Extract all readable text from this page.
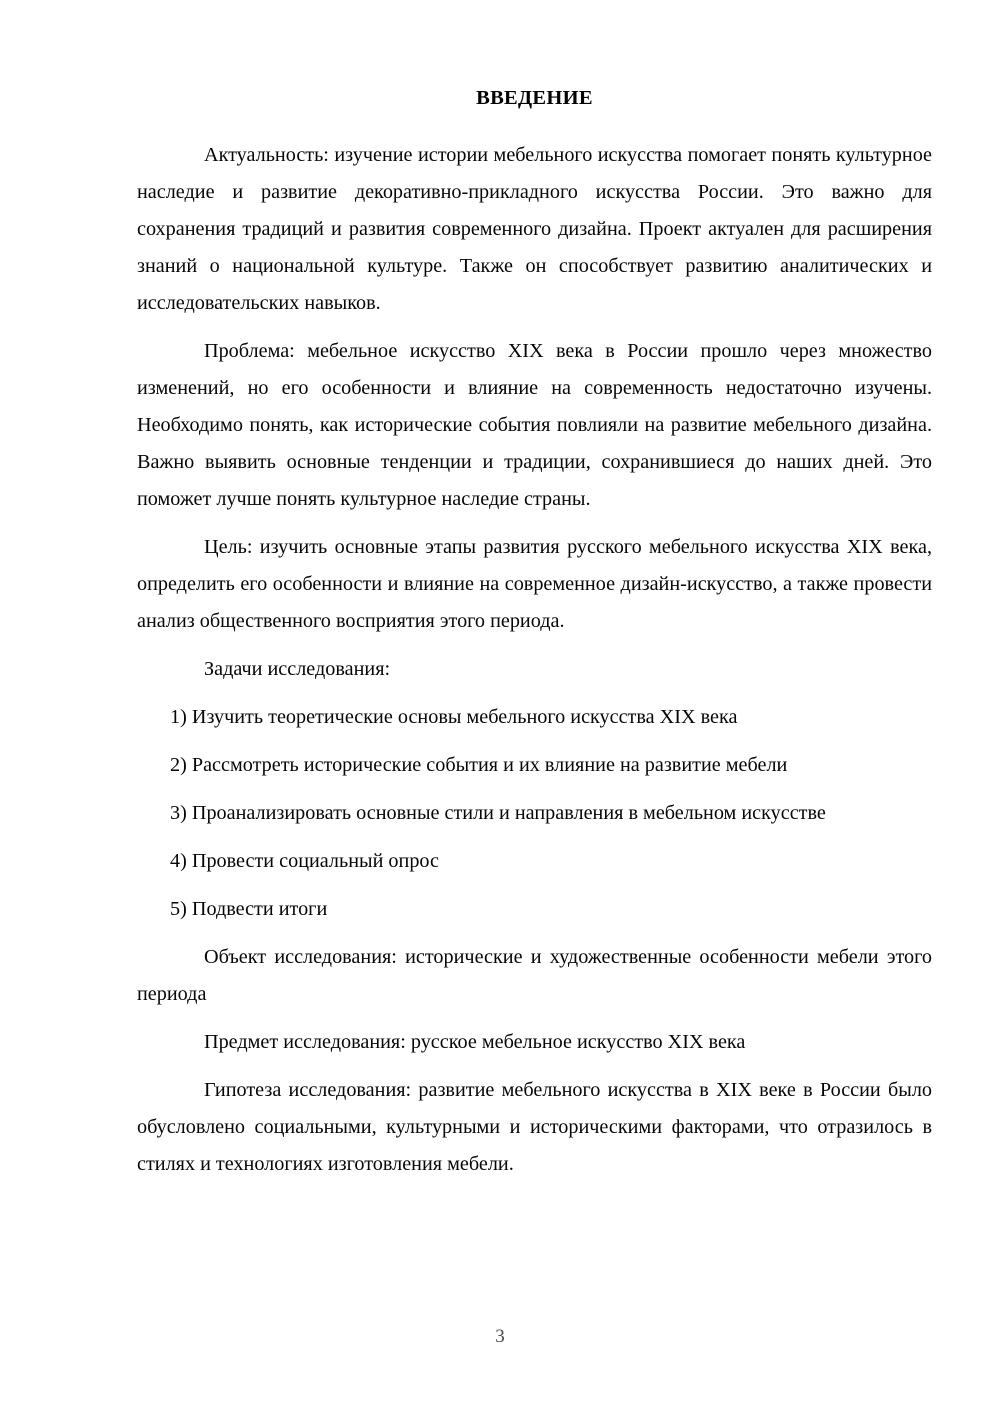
ВВЕДЕНИЕ

Актуальность: изучение истории мебельного искусства помогает понять культурное наследие и развитие декоративно-прикладного искусства России. Это важно для сохранения традиций и развития современного дизайна. Проект актуален для расширения знаний о национальной культуре. Также он способствует развитию аналитических и исследовательских навыков.

Проблема: мебельное искусство XIX века в России прошло через множество изменений, но его особенности и влияние на современность недостаточно изучены. Необходимо понять, как исторические события повлияли на развитие мебельного дизайна. Важно выявить основные тенденции и традиции, сохранившиеся до наших дней. Это поможет лучше понять культурное наследие страны.

Цель: изучить основные этапы развития русского мебельного искусства XIX века, определить его особенности и влияние на современное дизайн-искусство, а также провести анализ общественного восприятия этого периода.

Задачи исследования:

1) Изучить теоретические основы мебельного искусства XIX века

2) Рассмотреть исторические события и их влияние на развитие мебели

3) Проанализировать основные стили и направления в мебельном искусстве

4) Провести социальный опрос

5) Подвести итоги

Объект исследования: исторические и художественные особенности мебели этого периода

Предмет исследования: русское мебельное искусство XIX века

Гипотеза исследования: развитие мебельного искусства в XIX веке в России было обусловлено социальными, культурными и историческими факторами, что отразилось в стилях и технологиях изготовления мебели.

3
